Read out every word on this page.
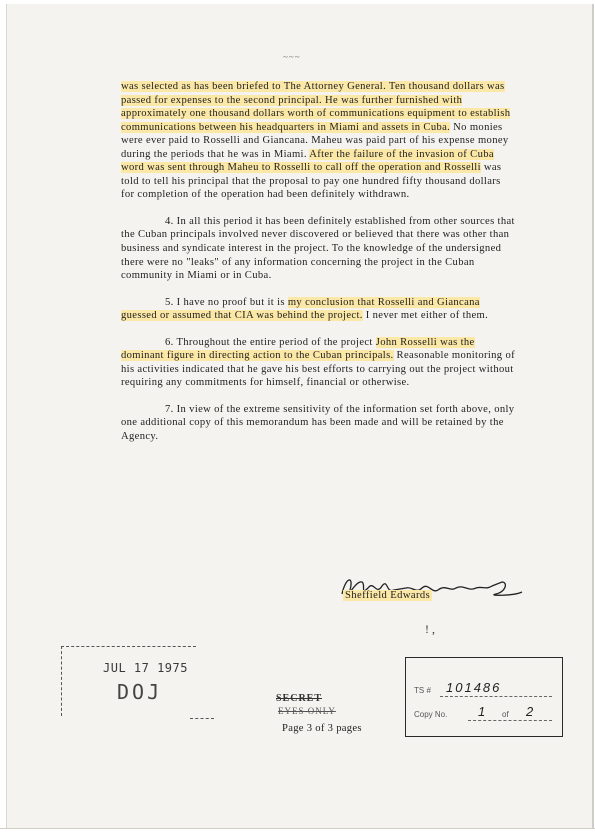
~~~

was selected as has been briefed to The Attorney General. Ten thousand dollars was passed for expenses to the second principal. He was further furnished with approximately one thousand dollars worth of communications equipment to establish communications between his headquarters in Miami and assets in Cuba. No monies were ever paid to Rosselli and Giancana. Maheu was paid part of his expense money during the periods that he was in Miami. After the failure of the invasion of Cuba word was sent through Maheu to Rosselli to call off the operation and Rosselli was told to tell his principal that the proposal to pay one hundred fifty thousand dollars for completion of the operation had been definitely withdrawn.

4. In all this period it has been definitely established from other sources that the Cuban principals involved never discovered or believed that there was other than business and syndicate interest in the project. To the knowledge of the undersigned there were no "leaks" of any information concerning the project in the Cuban community in Miami or in Cuba.

5. I have no proof but it is my conclusion that Rosselli and Giancana guessed or assumed that CIA was behind the project. I never met either of them.

6. Throughout the entire period of the project John Rosselli was the dominant figure in directing action to the Cuban principals. Reasonable monitoring of his activities indicated that he gave his best efforts to carrying out the project without requiring any commitments for himself, financial or otherwise.

7. In view of the extreme sensitivity of the information set forth above, only one additional copy of this memorandum has been made and will be retained by the Agency.

Sheffield Edwards
! ,
JUL 17 1975
DOJ	SECRET
EYES ONLY
Page 3 of 3 pages
TS # 101486
Copy No. 1 of 2
